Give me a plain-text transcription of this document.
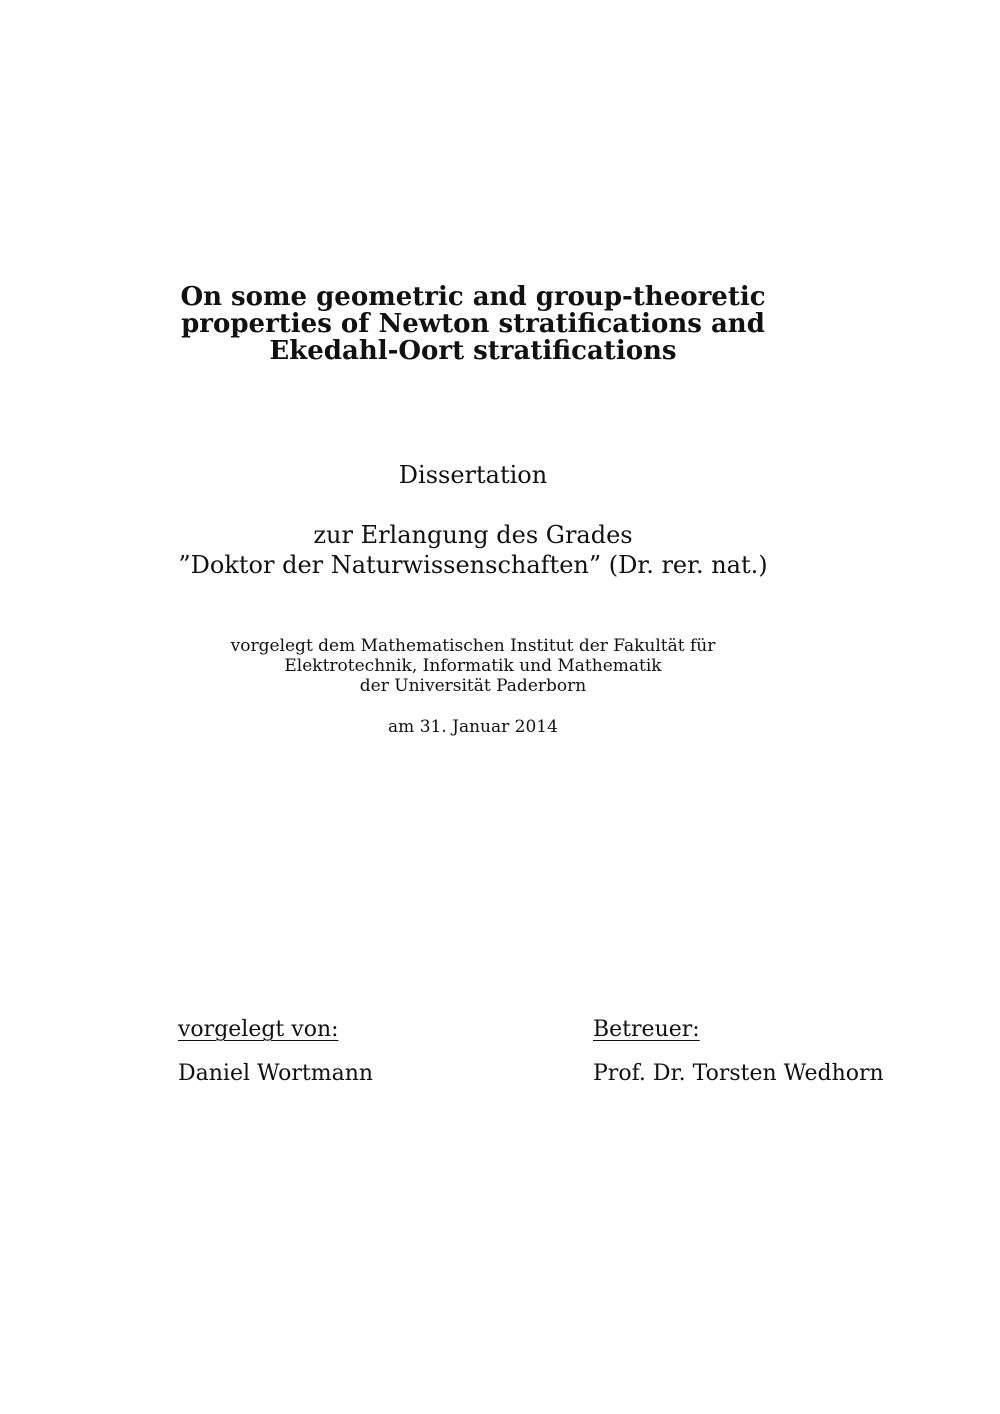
On some geometric and group-theoretic
properties of Newton stratifications and
Ekedahl-Oort stratifications
Dissertation
zur Erlangung des Grades
”Doktor der Naturwissenschaften” (Dr. rer. nat.)
vorgelegt dem Mathematischen Institut der Fakultät für
Elektrotechnik, Informatik und Mathematik
der Universität Paderborn
am 31. Januar 2014
vorgelegt von:
Daniel Wortmann
Betreuer:
Prof. Dr. Torsten Wedhorn
